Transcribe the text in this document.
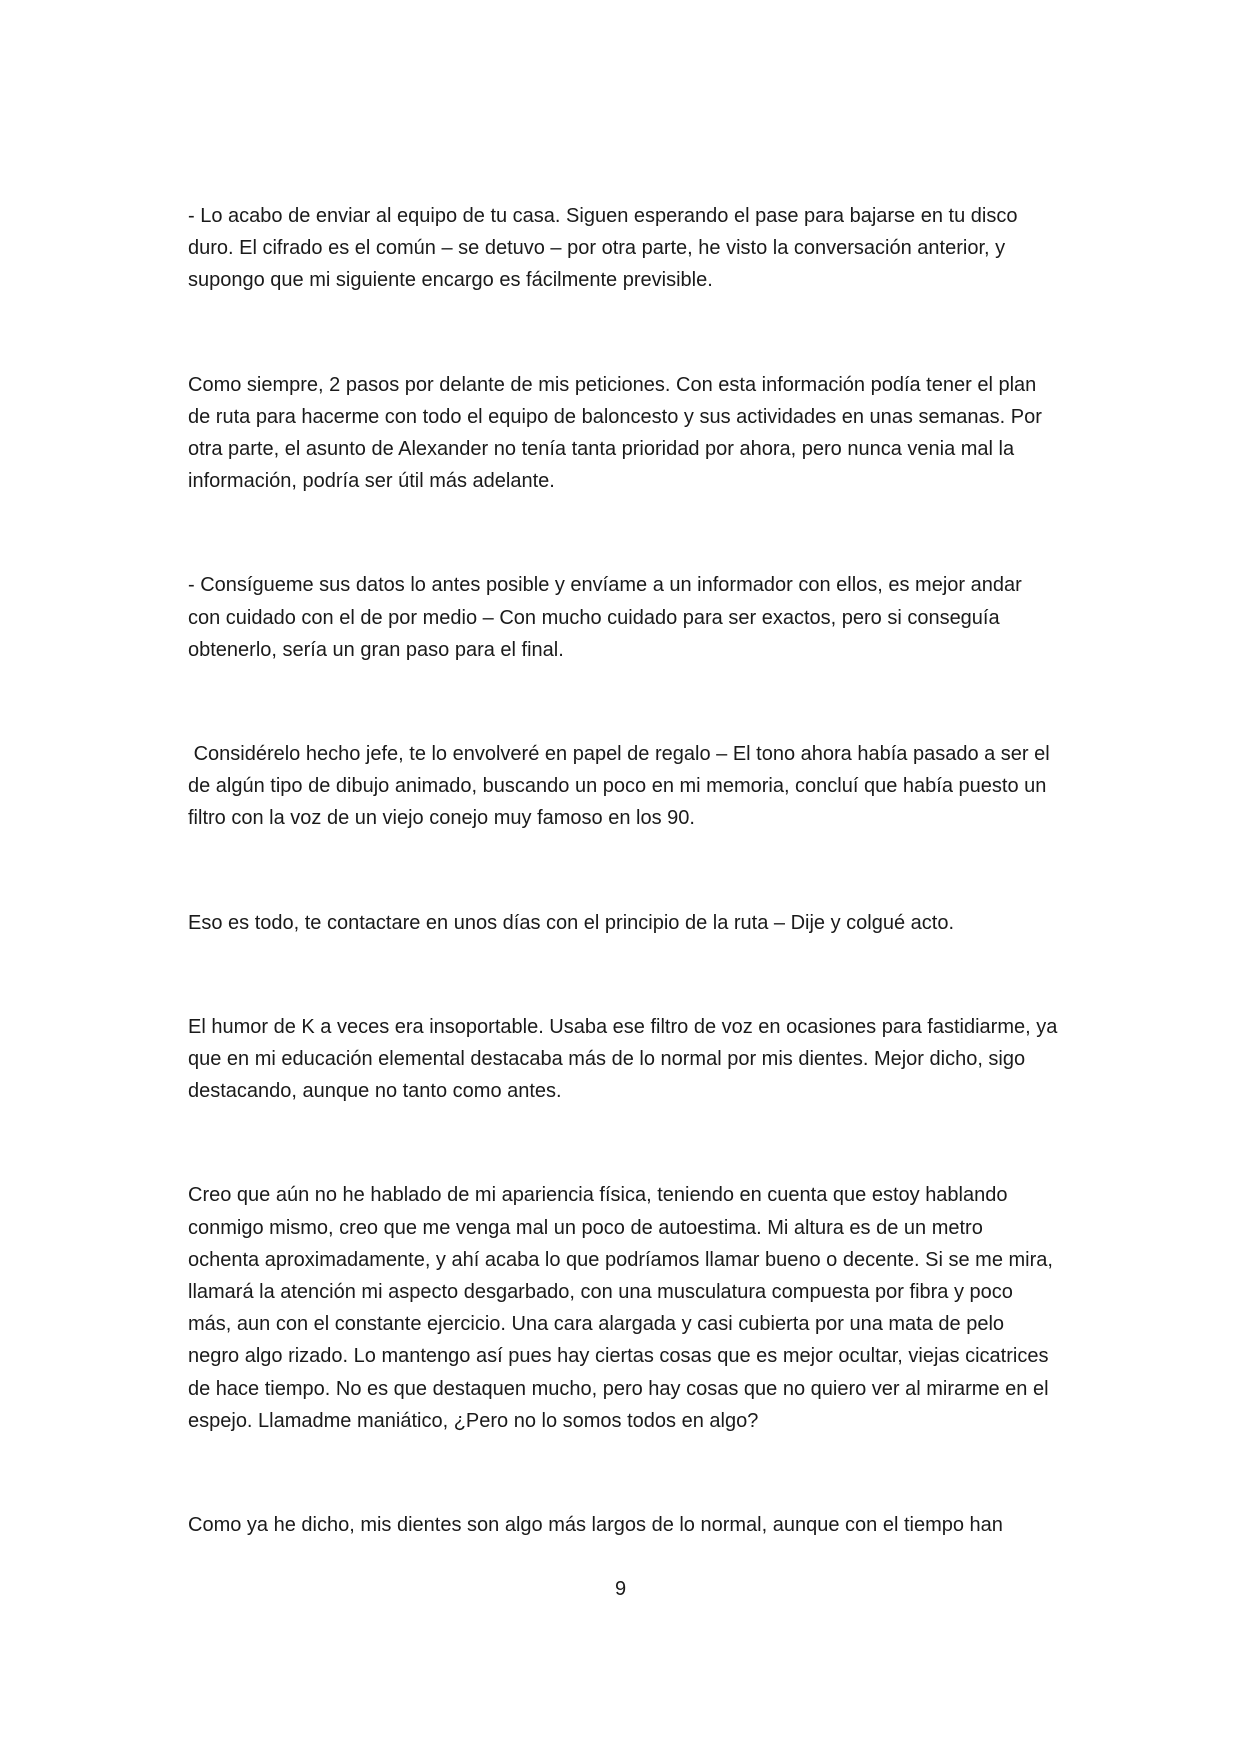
- Lo acabo de enviar al equipo de tu casa. Siguen esperando el pase para bajarse en tu disco duro. El cifrado es el común – se detuvo – por otra parte, he visto la conversación anterior, y supongo que mi siguiente encargo es fácilmente previsible.

Como siempre, 2 pasos por delante de mis peticiones. Con esta información podía tener el plan de ruta para hacerme con todo el equipo de baloncesto y sus actividades en unas semanas. Por otra parte, el asunto de Alexander no tenía tanta prioridad por ahora, pero nunca venia mal la información, podría ser útil más adelante.

- Consígueme sus datos lo antes posible y envíame a un informador con ellos, es mejor andar con cuidado con el de por medio – Con mucho cuidado para ser exactos, pero si conseguía obtenerlo, sería un gran paso para el final.

Considérelo hecho jefe, te lo envolveré en papel de regalo – El tono ahora había pasado a ser el de algún tipo de dibujo animado, buscando un poco en mi memoria, concluí que había puesto un filtro con la voz de un viejo conejo muy famoso en los 90.

Eso es todo, te contactare en unos días con el principio de la ruta – Dije y colgué acto.

El humor de K a veces era insoportable. Usaba ese filtro de voz en ocasiones para fastidiarme, ya que en mi educación elemental destacaba más de lo normal por mis dientes. Mejor dicho, sigo destacando, aunque no tanto como antes.

Creo que aún no he hablado de mi apariencia física, teniendo en cuenta que estoy hablando conmigo mismo, creo que me venga mal un poco de autoestima. Mi altura es de un metro ochenta aproximadamente, y ahí acaba lo que podríamos llamar bueno o decente. Si se me mira, llamará la atención mi aspecto desgarbado, con una musculatura compuesta por fibra y poco más, aun con el constante ejercicio. Una cara alargada y casi cubierta por una mata de pelo negro algo rizado. Lo mantengo así pues hay ciertas cosas que es mejor ocultar, viejas cicatrices de hace tiempo. No es que destaquen mucho, pero hay cosas que no quiero ver al mirarme en el espejo. Llamadme maniático, ¿Pero no lo somos todos en algo?

Como ya he dicho, mis dientes son algo más largos de lo normal, aunque con el tiempo han

9
